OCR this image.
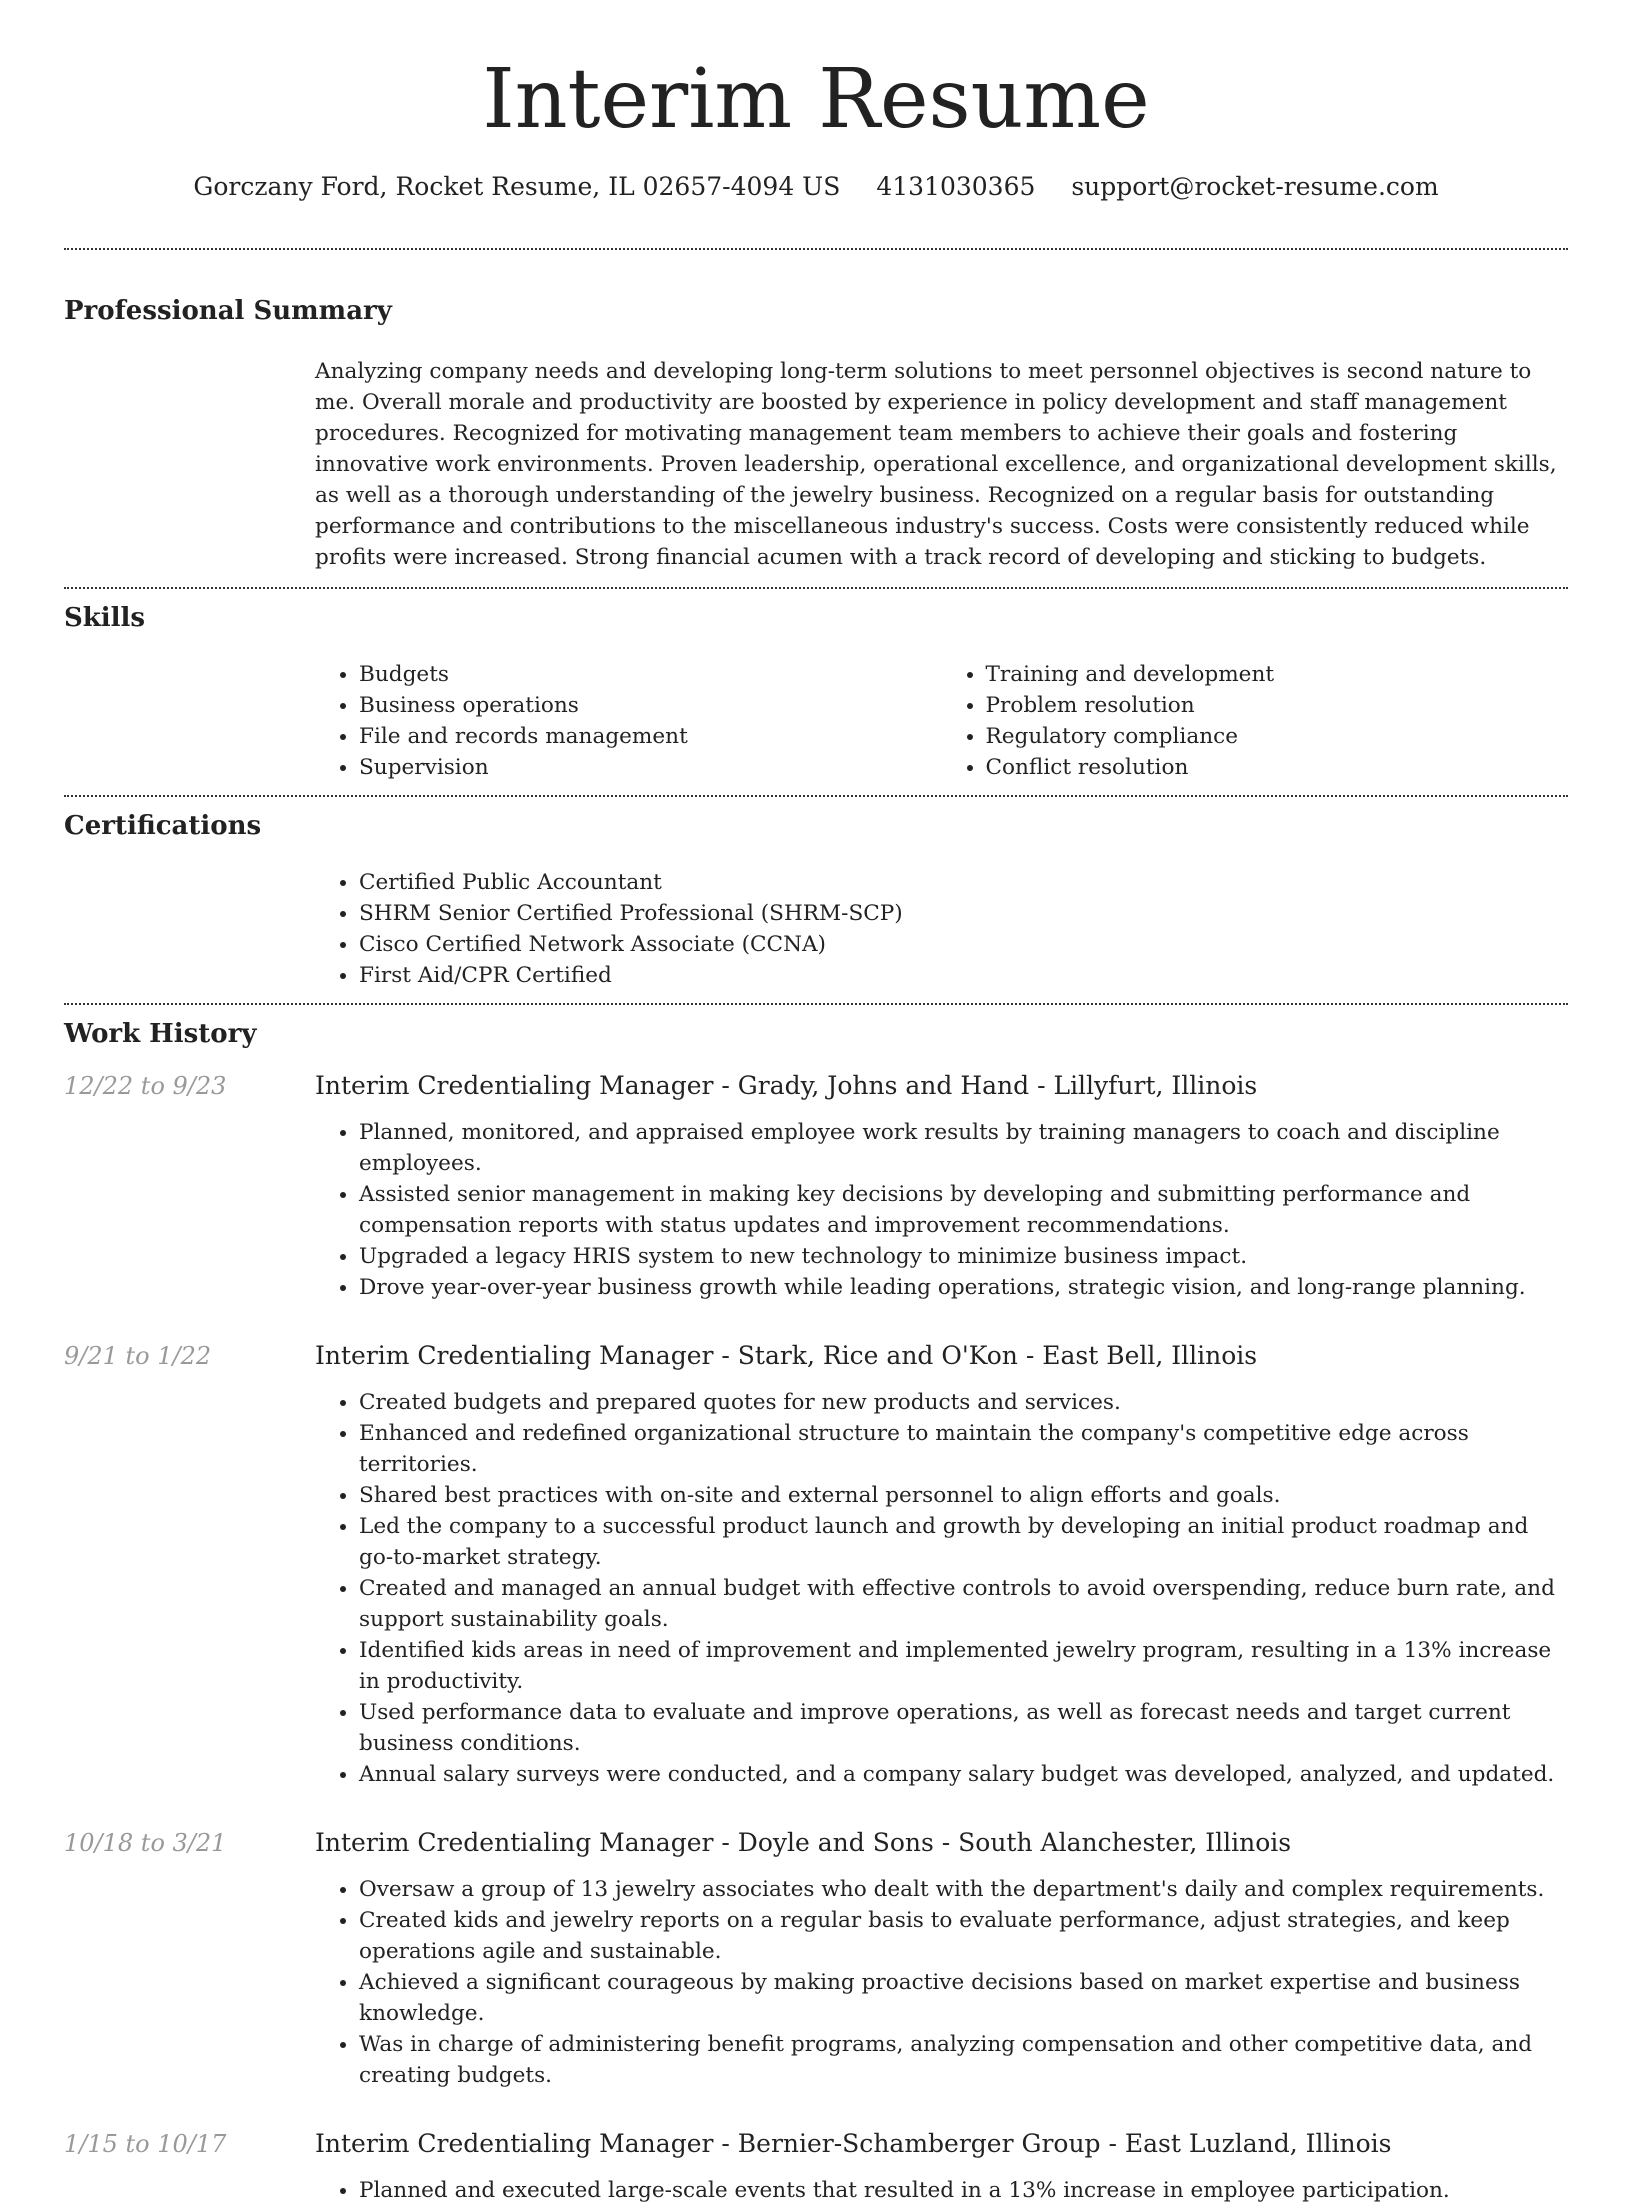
Interim Resume
Gorczany Ford, Rocket Resume, IL 02657-4094 US 4131030365 support@rocket-resume.com
Professional Summary
Analyzing company needs and developing long-term solutions to meet personnel objectives is second nature to me. Overall morale and productivity are boosted by experience in policy development and staff management procedures. Recognized for motivating management team members to achieve their goals and fostering innovative work environments. Proven leadership, operational excellence, and organizational development skills, as well as a thorough understanding of the jewelry business. Recognized on a regular basis for outstanding performance and contributions to the miscellaneous industry's success. Costs were consistently reduced while profits were increased. Strong financial acumen with a track record of developing and sticking to budgets.
Skills
• Budgets
• Business operations
• File and records management
• Supervision
• Training and development
• Problem resolution
• Regulatory compliance
• Conflict resolution
Certifications
• Certified Public Accountant
• SHRM Senior Certified Professional (SHRM-SCP)
• Cisco Certified Network Associate (CCNA)
• First Aid/CPR Certified
Work History
12/22 to 9/23	Interim Credentialing Manager - Grady, Johns and Hand - Lillyfurt, Illinois
• Planned, monitored, and appraised employee work results by training managers to coach and discipline employees.
• Assisted senior management in making key decisions by developing and submitting performance and compensation reports with status updates and improvement recommendations.
• Upgraded a legacy HRIS system to new technology to minimize business impact.
• Drove year-over-year business growth while leading operations, strategic vision, and long-range planning.
9/21 to 1/22	Interim Credentialing Manager - Stark, Rice and O'Kon - East Bell, Illinois
• Created budgets and prepared quotes for new products and services.
• Enhanced and redefined organizational structure to maintain the company's competitive edge across territories.
• Shared best practices with on-site and external personnel to align efforts and goals.
• Led the company to a successful product launch and growth by developing an initial product roadmap and go-to-market strategy.
• Created and managed an annual budget with effective controls to avoid overspending, reduce burn rate, and support sustainability goals.
• Identified kids areas in need of improvement and implemented jewelry program, resulting in a 13% increase in productivity.
• Used performance data to evaluate and improve operations, as well as forecast needs and target current business conditions.
• Annual salary surveys were conducted, and a company salary budget was developed, analyzed, and updated.
10/18 to 3/21	Interim Credentialing Manager - Doyle and Sons - South Alanchester, Illinois
• Oversaw a group of 13 jewelry associates who dealt with the department's daily and complex requirements.
• Created kids and jewelry reports on a regular basis to evaluate performance, adjust strategies, and keep operations agile and sustainable.
• Achieved a significant courageous by making proactive decisions based on market expertise and business knowledge.
• Was in charge of administering benefit programs, analyzing compensation and other competitive data, and creating budgets.
1/15 to 10/17	Interim Credentialing Manager - Bernier-Schamberger Group - East Luzland, Illinois
• Planned and executed large-scale events that resulted in a 13% increase in employee participation.
